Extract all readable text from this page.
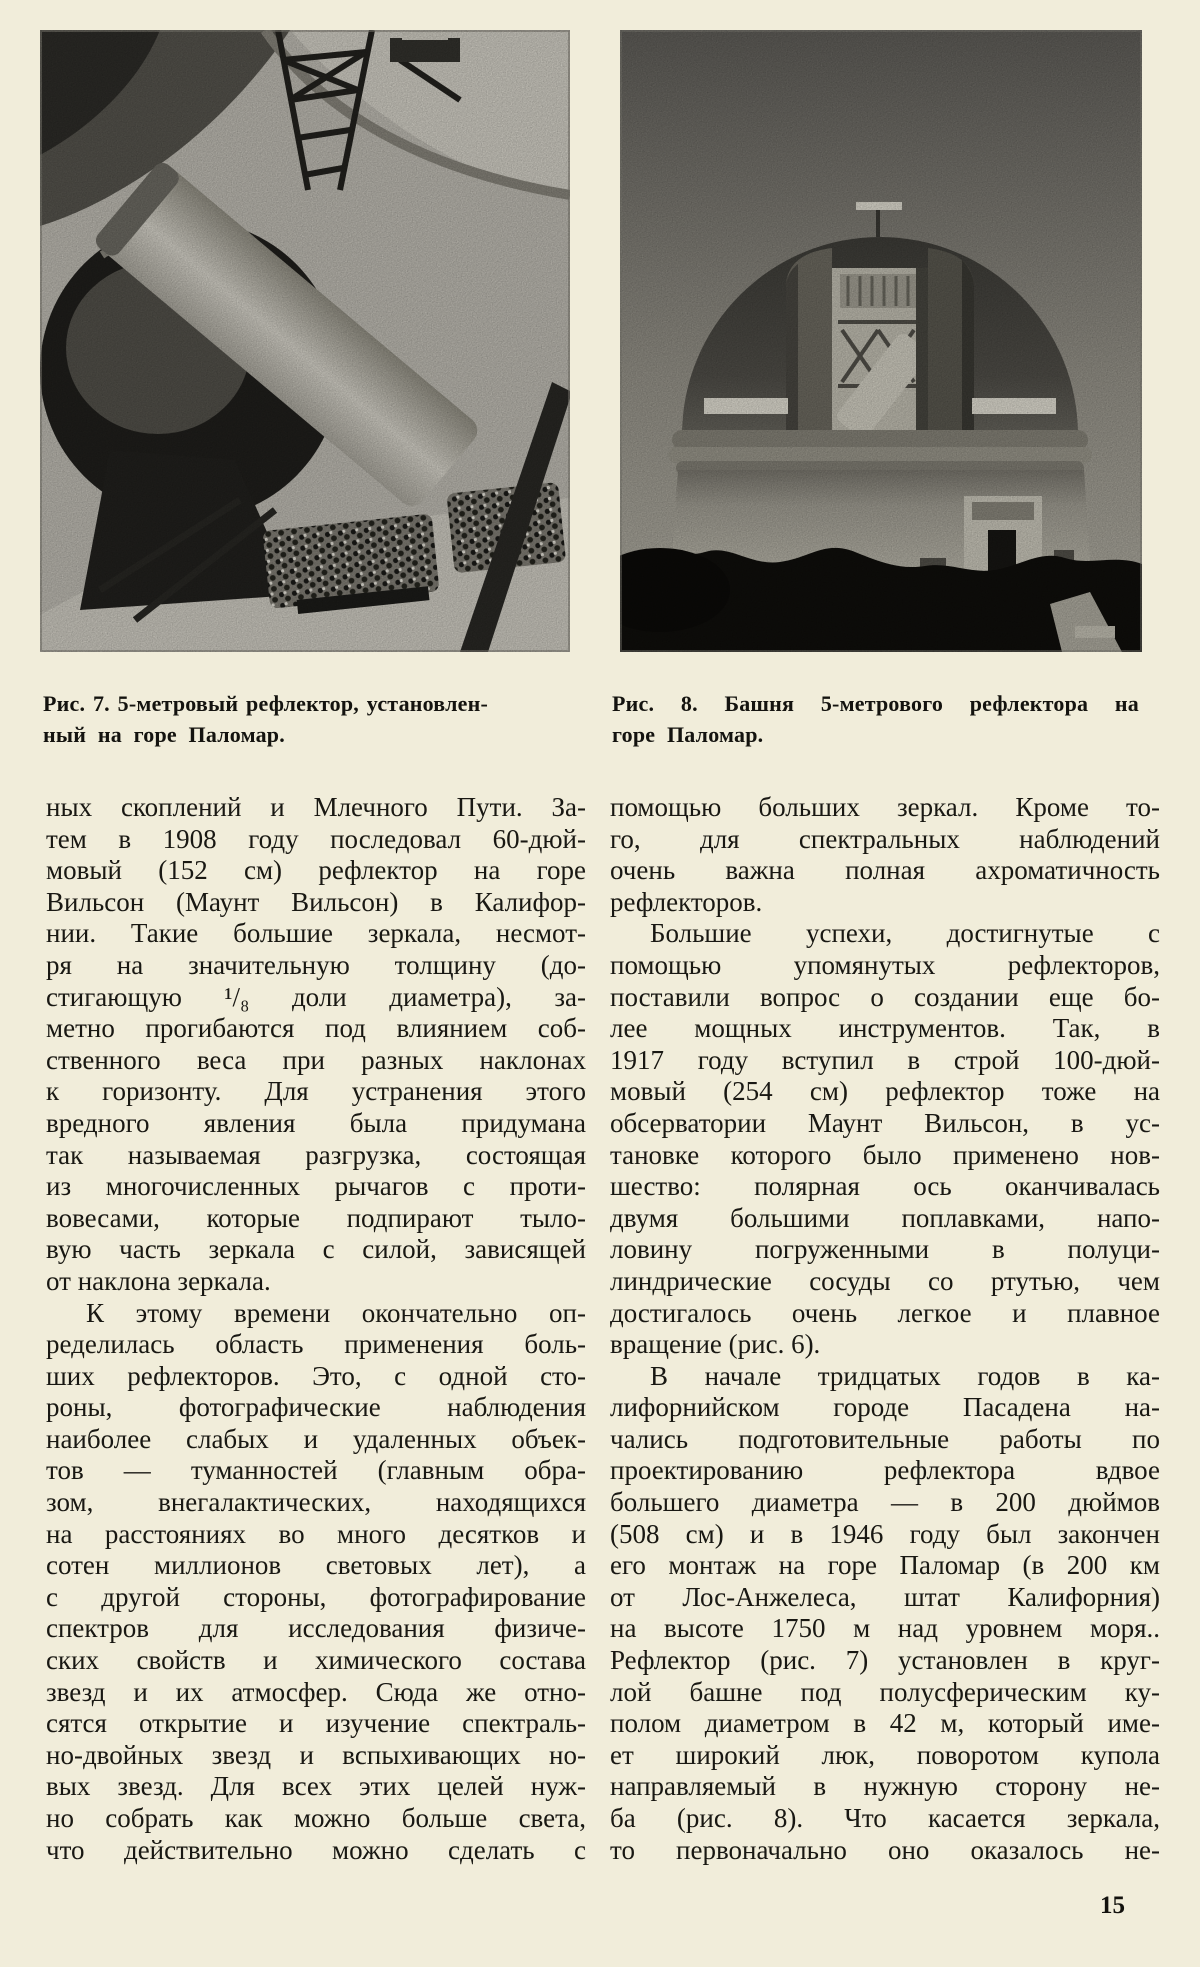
Рис. 7. 5-метровый рефлектор, установлен-
ный на горе Паломар.
Рис. 8. Башня 5-метрового рефлектора на
горе Паломар.
ных скоплений и Млечного Пути. За-
тем в 1908 году последовал 60-дюй-
мовый (152 см) рефлектор на горе
Вильсон (Маунт Вильсон) в Калифор-
нии. Такие большие зеркала, несмот-
ря на значительную толщину (до-
стигающую ¹/₈ доли диаметра), за-
метно прогибаются под влиянием соб-
ственного веса при разных наклонах
к горизонту. Для устранения этого
вредного явления была придумана
так называемая разгрузка, состоящая
из многочисленных рычагов с проти-
вовесами, которые подпирают тыло-
вую часть зеркала с силой, зависящей
от наклона зеркала.
К этому времени окончательно оп-
ределилась область применения боль-
ших рефлекторов. Это, с одной сто-
роны, фотографические наблюдения
наиболее слабых и удаленных объек-
тов — туманностей (главным обра-
зом, внегалактических, находящихся
на расстояниях во много десятков и
сотен миллионов световых лет), а
с другой стороны, фотографирование
спектров для исследования физиче-
ских свойств и химического состава
звезд и их атмосфер. Сюда же отно-
сятся открытие и изучение спектраль-
но-двойных звезд и вспыхивающих но-
вых звезд. Для всех этих целей нуж-
но собрать как можно больше света,
что действительно можно сделать с
помощью больших зеркал. Кроме то-
го, для спектральных наблюдений
очень важна полная ахроматичность
рефлекторов.
Большие успехи, достигнутые с
помощью упомянутых рефлекторов,
поставили вопрос о создании еще бо-
лее мощных инструментов. Так, в
1917 году вступил в строй 100-дюй-
мовый (254 см) рефлектор тоже на
обсерватории Маунт Вильсон, в ус-
тановке которого было применено нов-
шество: полярная ось оканчивалась
двумя большими поплавками, напо-
ловину погруженными в полуци-
линдрические сосуды со ртутью, чем
достигалось очень легкое и плавное
вращение (рис. 6).
В начале тридцатых годов в ка-
лифорнийском городе Пасадена на-
чались подготовительные работы по
проектированию рефлектора вдвое
большего диаметра — в 200 дюймов
(508 см) и в 1946 году был закончен
его монтаж на горе Паломар (в 200 км
от Лос-Анжелеса, штат Калифорния)
на высоте 1750 м над уровнем моря..
Рефлектор (рис. 7) установлен в круг-
лой башне под полусферическим ку-
полом диаметром в 42 м, который име-
ет широкий люк, поворотом купола
направляемый в нужную сторону не-
ба (рис. 8). Что касается зеркала,
то первоначально оно оказалось не-
15
